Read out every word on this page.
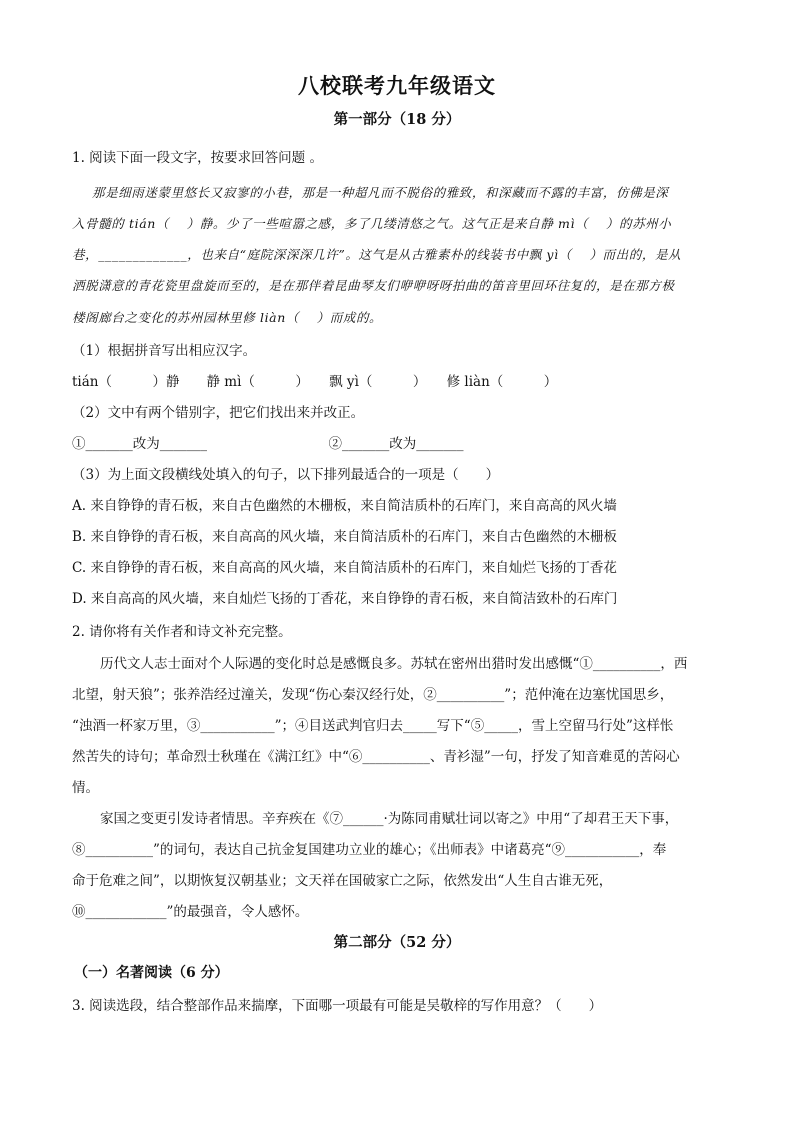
八校联考九年级语文
第一部分（18 分）
1. 阅读下面一段文字，按要求回答问题 。
那是细雨迷蒙里悠长又寂寥的小巷，那是一种超凡而不脱俗的雅致，和深藏而不露的丰富，仿佛是深
入骨髓的 tián（　 ）静。少了一些喧嚣之感，多了几缕清悠之气。这气正是来自静 mì（　 ）的苏州小
巷，_____________，也来自“庭院深深深几许”。这气是从古雅素朴的线装书中飘 yì（　 ）而出的，是从
洒脱潇意的青花瓷里盘旋而至的，是在那伴着昆曲琴友们咿咿呀呀拍曲的笛音里回环往复的，是在那方极
楼阁廊台之变化的苏州园林里修 liàn（　 ）而成的。
（1）根据拼音写出相应汉字。
tián（　　　）静　　静 mì（　　　）　　飘 yì（　　　）　　修 liàn（　　　）
（2）文中有两个错别字，把它们找出来并改正。
①_______改为_______　　　　　　　　　②_______改为_______
（3）为上面文段横线处填入的句子，以下排列最适合的一项是（　　）
A. 来自铮铮的青石板，来自古色幽然的木栅板，来自简洁质朴的石库门，来自高高的风火墙
B. 来自铮铮的青石板，来自高高的风火墙，来自简洁质朴的石库门，来自古色幽然的木栅板
C. 来自铮铮的青石板，来自高高的风火墙，来自简洁质朴的石库门，来自灿烂飞扬的丁香花
D. 来自高高的风火墙，来自灿烂飞扬的丁香花，来自铮铮的青石板，来自简洁致朴的石库门
2. 请你将有关作者和诗文补充完整。
历代文人志士面对个人际遇的变化时总是感慨良多。苏轼在密州出猎时发出感慨“①__________，西
北望，射天狼”；张养浩经过潼关，发现“伤心秦汉经行处，②__________”；范仲淹在边塞忧国思乡，
“浊酒一杯家万里，③___________”；④目送武判官归去_____写下“⑤_____，雪上空留马行处”这样怅
然苦失的诗句；革命烈士秋瑾在《满江红》中“⑥__________、青衫湿”一句，抒发了知音难觅的苦闷心
情。
家国之变更引发诗者情思。辛弃疾在《⑦______·为陈同甫赋壮词以寄之》中用“了却君王天下事，
⑧__________”的词句，表达自己抗金复国建功立业的雄心；《出师表》中诸葛亮“⑨___________，奉
命于危难之间”，以期恢复汉朝基业；文天祥在国破家亡之际，依然发出“人生自古谁无死，
⑩____________”的最强音，令人感怀。
第二部分（52 分）
（一）名著阅读（6 分）
3. 阅读选段，结合整部作品来揣摩，下面哪一项最有可能是吴敬梓的写作用意？（　　）
